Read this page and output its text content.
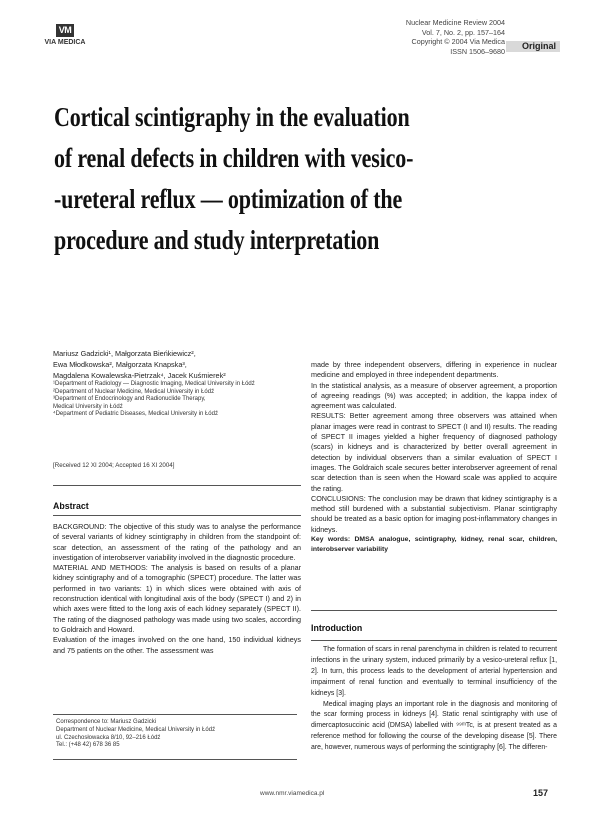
VM
VIA MEDICA
Nuclear Medicine Review 2004
Vol. 7, No. 2, pp. 157–164
Copyright © 2004 Via Medica
ISSN 1506–9680	Original
Cortical scintigraphy in the evaluation
of renal defects in children with vesico-
-ureteral reflux — optimization of the
procedure and study interpretation
Mariusz Gadzicki¹, Małgorzata Bieńkiewicz²,
Ewa Młodkowska², Małgorzata Knapska³,
Magdalena Kowalewska-Pietrzak⁴, Jacek Kuśmierek²
¹Department of Radiology — Diagnostic Imaging, Medical University in Łódź
²Department of Nuclear Medicine, Medical University in Łódź
³Department of Endocrinology and Radionuclide Therapy,
Medical University in Łódź
⁴Department of Pediatric Diseases, Medical University in Łódź
[Received 12 XI 2004; Accepted 16 XI 2004]
Abstract

BACKGROUND: The objective of this study was to analyse the performance of several variants of kidney scintigraphy in children from the standpoint of: scar detection, an assessment of the rating of the pathology and an investigation of interobserver variability involved in the diagnostic procedure.

MATERIAL AND METHODS: The analysis is based on results of a planar kidney scintigraphy and of a tomographic (SPECT) procedure. The latter was performed in two variants: 1) in which slices were obtained with axis of reconstruction identical with longitudinal axis of the body (SPECT I) and 2) in which axes were fitted to the long axis of each kidney separately (SPECT II). The rating of the diagnosed pathology was made using two scales, according to Goldraich and Howard.

Evaluation of the images involved on the one hand, 150 individual kidneys and 75 patients on the other. The assessment was

made by three independent observers, differing in experience in nuclear medicine and employed in three independent departments.

In the statistical analysis, as a measure of observer agreement, a proportion of agreeing readings (%) was accepted; in addition, the kappa index of agreement was calculated.

RESULTS: Better agreement among three observers was attained when planar images were read in contrast to SPECT (I and II) results. The reading of SPECT II images yielded a higher frequency of diagnosed pathology (scars) in kidneys and is characterized by better overall agreement in detection by individual observers than a similar evaluation of SPECT I images. The Goldraich scale secures better interobserver agreement of renal scar detection than is seen when the Howard scale was applied to acquire the rating.

CONCLUSIONS: The conclusion may be drawn that kidney scintigraphy is a method still burdened with a substantial subjectivism. Planar scintigraphy should be treated as a basic option for imaging post-inflammatory changes in kidneys.

Key words: DMSA analogue, scintigraphy, kidney, renal scar, children, interobserver variability

Introduction

The formation of scars in renal parenchyma in children is related to recurrent infections in the urinary system, induced primarily by a vesico-ureteral reflux [1, 2]. In turn, this process leads to the development of arterial hypertension and impairment of renal function and eventually to terminal insufficiency of the kidneys [3].

Medical imaging plays an important role in the diagnosis and monitoring of the scar forming process in kidneys [4]. Static renal scintigraphy with use of dimercaptosuccinic acid (DMSA) labelled with ⁹⁹ᵐTc, is at present treated as a reference method for following the course of the developing disease [5]. There are, however, numerous ways of performing the scintigraphy [6]. The differen-

Correspondence to: Mariusz Gadzicki
Department of Nuclear Medicine, Medical University in Łódź
ul. Czechosłowacka 8/10, 92–216 Łódź
Tel.: (+48 42) 678 36 85
www.nmr.viamedica.pl	157
